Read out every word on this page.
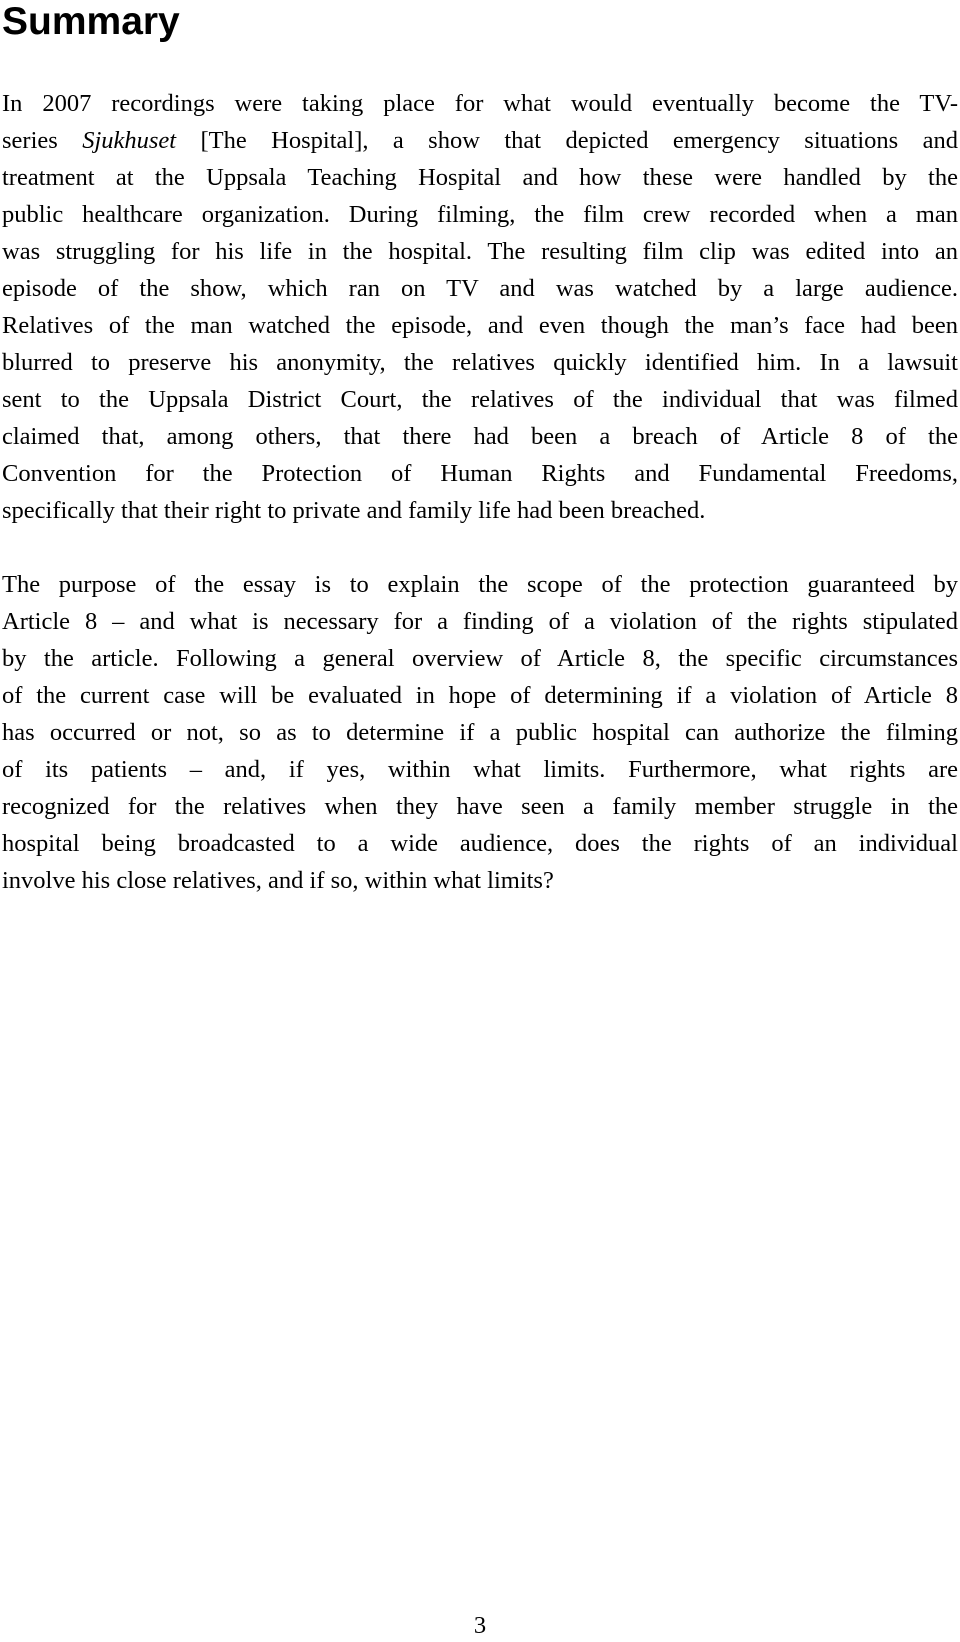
Summary

In 2007 recordings were taking place for what would eventually become the TV-
series Sjukhuset [The Hospital], a show that depicted emergency situations and
treatment at the Uppsala Teaching Hospital and how these were handled by the
public healthcare organization. During filming, the film crew recorded when a man
was struggling for his life in the hospital. The resulting film clip was edited into an
episode of the show, which ran on TV and was watched by a large audience.
Relatives of the man watched the episode, and even though the man’s face had been
blurred to preserve his anonymity, the relatives quickly identified him. In a lawsuit
sent to the Uppsala District Court, the relatives of the individual that was filmed
claimed that, among others, that there had been a breach of Article 8 of the
Convention for the Protection of Human Rights and Fundamental Freedoms,
specifically that their right to private and family life had been breached.

The purpose of the essay is to explain the scope of the protection guaranteed by
Article 8 – and what is necessary for a finding of a violation of the rights stipulated
by the article. Following a general overview of Article 8, the specific circumstances
of the current case will be evaluated in hope of determining if a violation of Article 8
has occurred or not, so as to determine if a public hospital can authorize the filming
of its patients – and, if yes, within what limits. Furthermore, what rights are
recognized for the relatives when they have seen a family member struggle in the
hospital being broadcasted to a wide audience, does the rights of an individual
involve his close relatives, and if so, within what limits?

3
